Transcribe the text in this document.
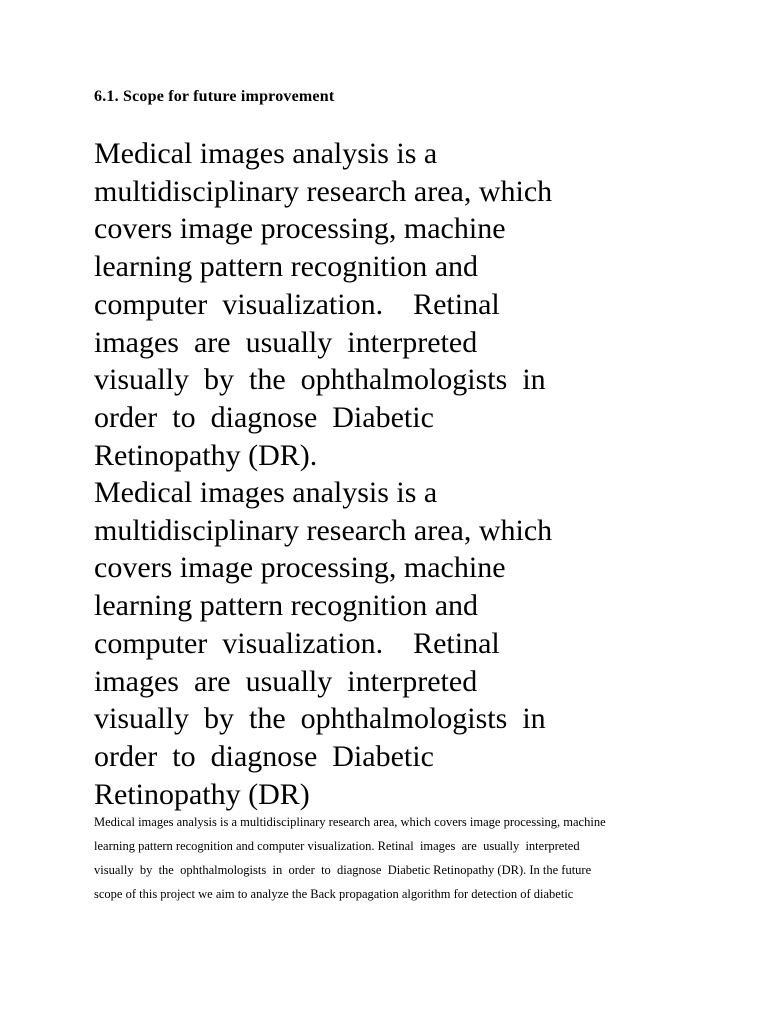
6.1. Scope for future improvement
Medical images analysis is a
multidisciplinary research area, which
covers image processing, machine
learning pattern recognition and
computer  visualization.    Retinal
images  are  usually  interpreted
visually  by  the  ophthalmologists  in
order  to  diagnose  Diabetic
Retinopathy (DR).
Medical images analysis is a
multidisciplinary research area, which
covers image processing, machine
learning pattern recognition and
computer  visualization.    Retinal
images  are  usually  interpreted
visually  by  the  ophthalmologists  in
order  to  diagnose  Diabetic
Retinopathy (DR)
Medical images analysis is a multidisciplinary research area, which covers image processing, machine
learning pattern recognition and computer visualization. Retinal  images  are  usually  interpreted
visually  by  the  ophthalmologists  in  order  to  diagnose  Diabetic Retinopathy (DR). In the future
scope of this project we aim to analyze the Back propagation algorithm for detection of diabetic
